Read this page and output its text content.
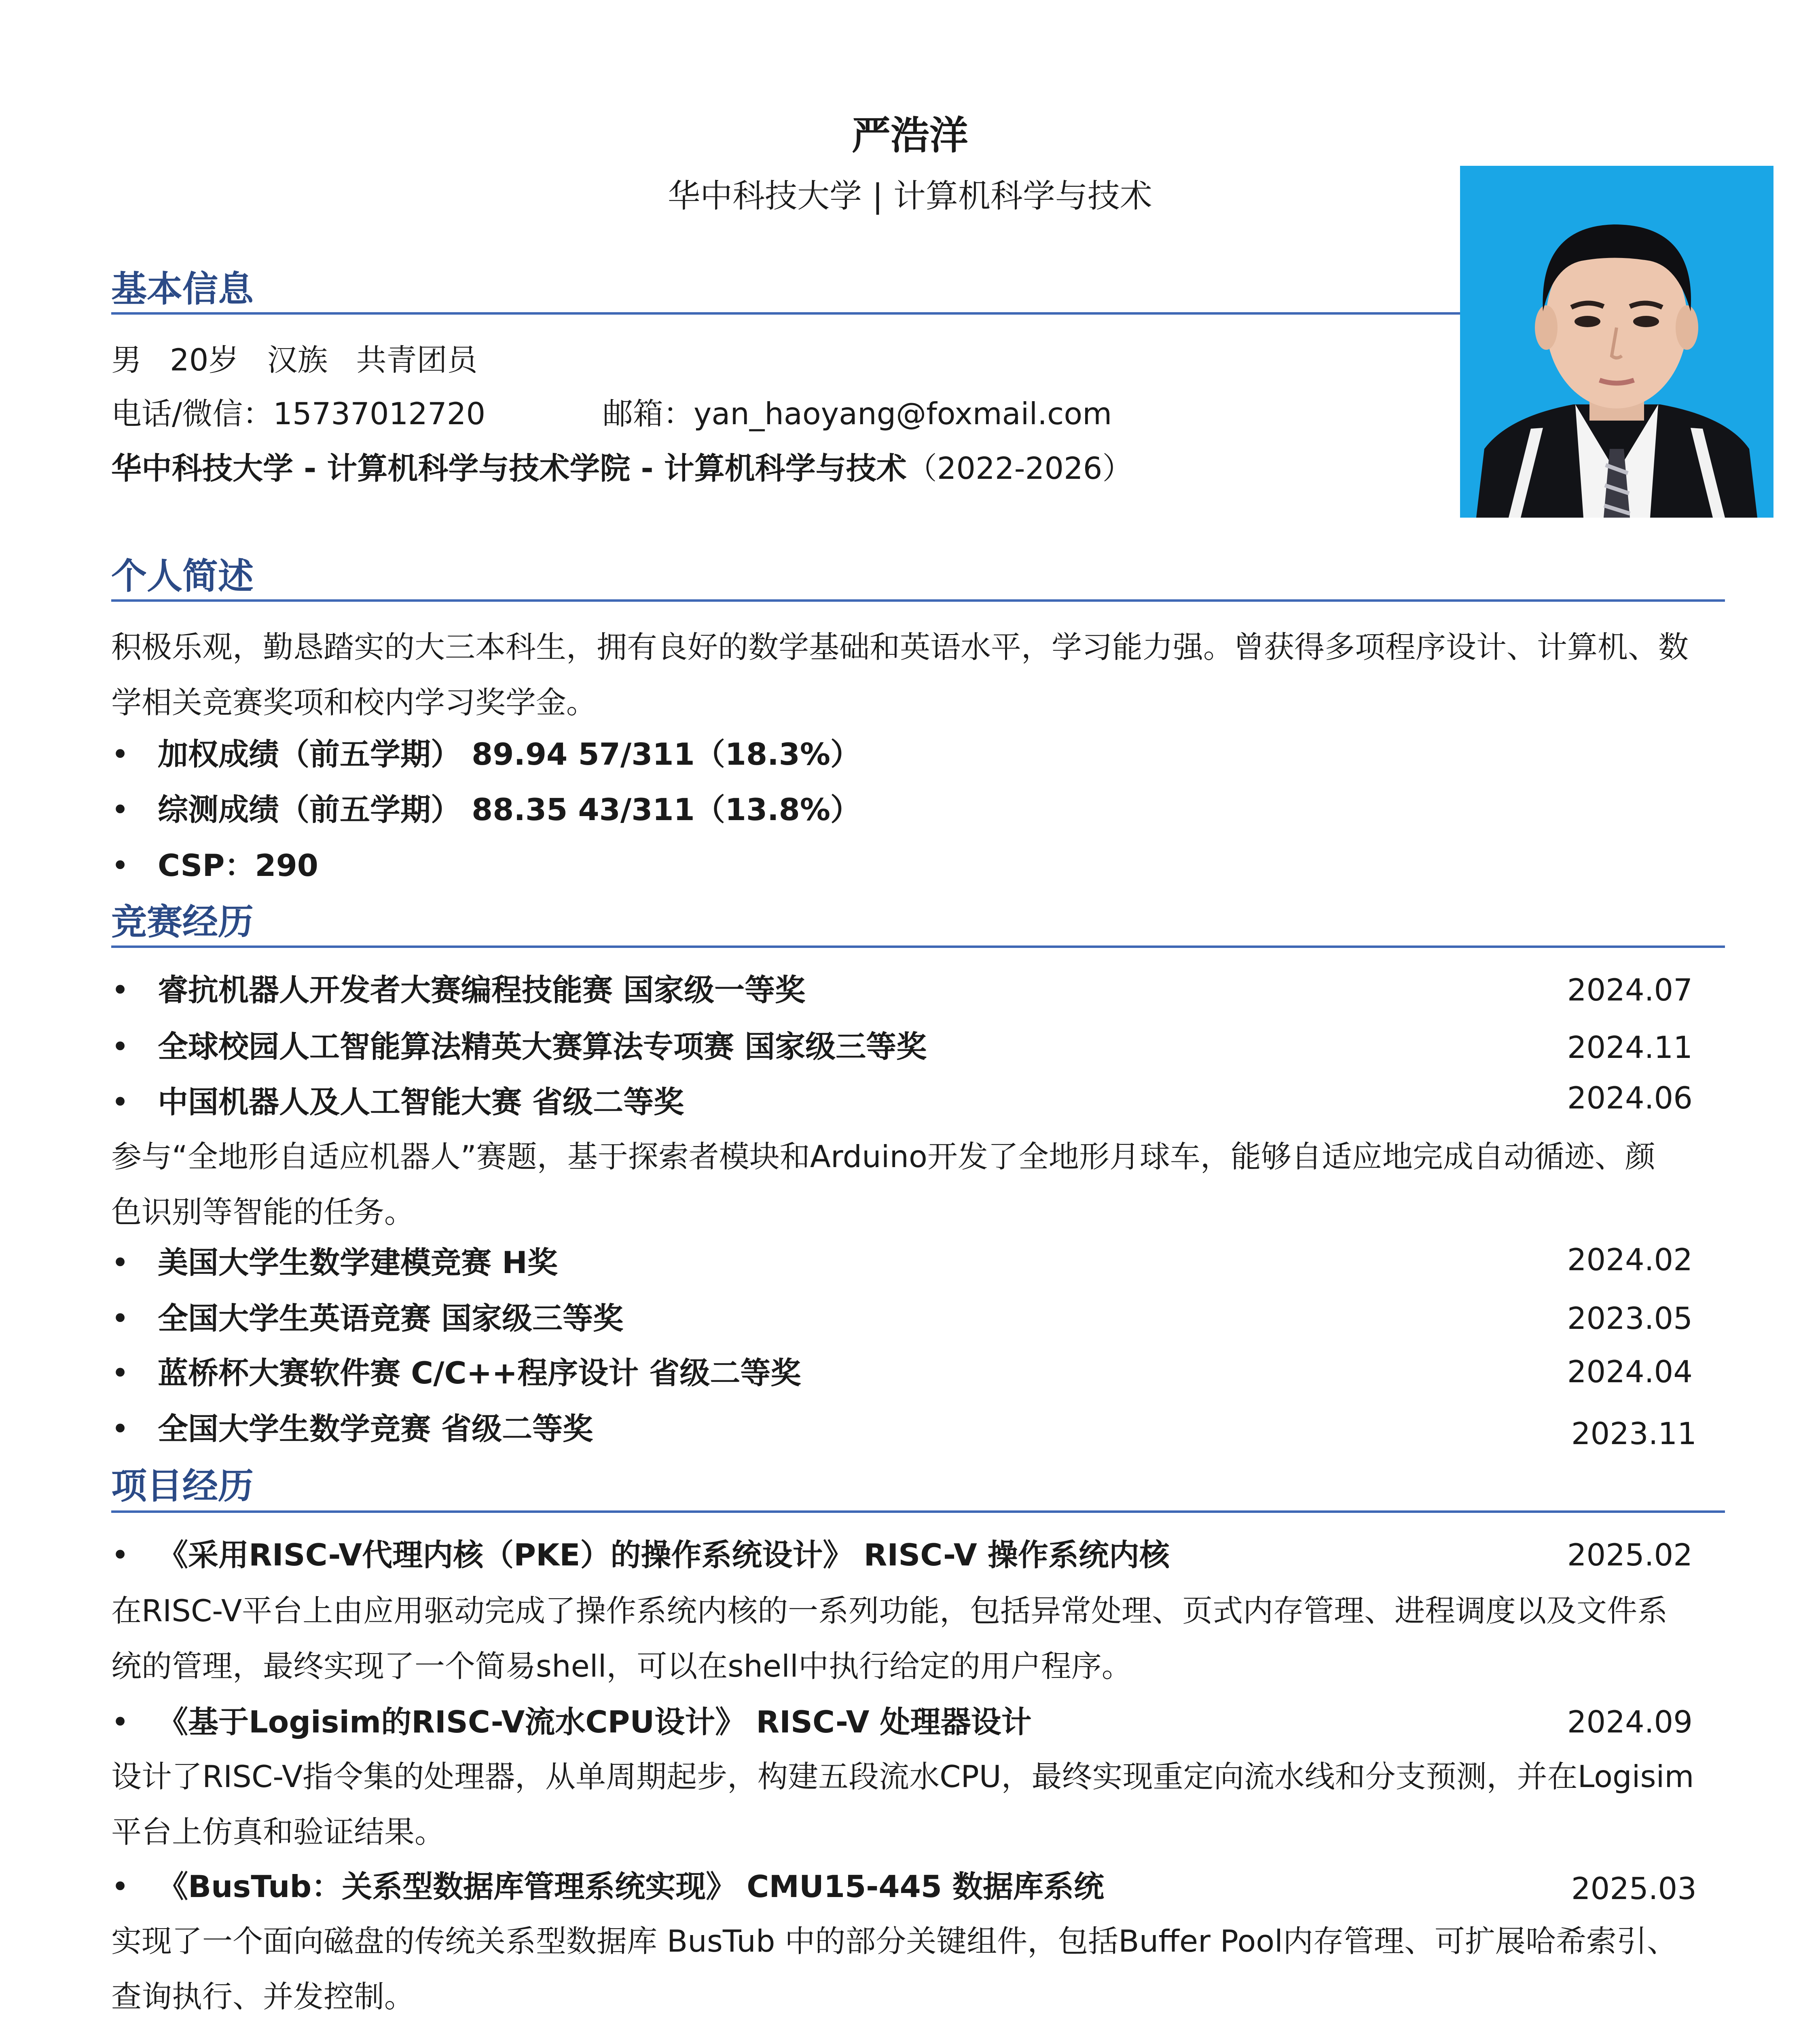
严浩洋
华中科技大学 | 计算机科学与技术
基本信息
男 20岁 汉族 共青团员
电话/微信：15737012720	邮箱：yan_haoyang@foxmail.com
华中科技大学 - 计算机科学与技术学院 - 计算机科学与技术（2022-2026）
个人简述
积极乐观，勤恳踏实的大三本科生，拥有良好的数学基础和英语水平，学习能力强。曾获得多项程序设计、计算机、数
学相关竞赛奖项和校内学习奖学金。
• 加权成绩（前五学期） 89.94 57/311（18.3%）
• 综测成绩（前五学期） 88.35 43/311（13.8%）
• CSP：290
竞赛经历
• 睿抗机器人开发者大赛编程技能赛 国家级一等奖	2024.07
• 全球校园人工智能算法精英大赛算法专项赛 国家级三等奖	2024.11
• 中国机器人及人工智能大赛 省级二等奖	2024.06
参与“全地形自适应机器人”赛题，基于探索者模块和Arduino开发了全地形月球车，能够自适应地完成自动循迹、颜
色识别等智能的任务。
• 美国大学生数学建模竞赛 H奖	2024.02
• 全国大学生英语竞赛 国家级三等奖	2023.05
• 蓝桥杯大赛软件赛 C/C++程序设计 省级二等奖	2024.04
• 全国大学生数学竞赛 省级二等奖	2023.11
项目经历
• 《采用RISC-V代理内核（PKE）的操作系统设计》 RISC-V 操作系统内核	2025.02
在RISC-V平台上由应用驱动完成了操作系统内核的一系列功能，包括异常处理、页式内存管理、进程调度以及文件系
统的管理，最终实现了一个简易shell，可以在shell中执行给定的用户程序。
• 《基于Logisim的RISC-V流水CPU设计》 RISC-V 处理器设计	2024.09
设计了RISC-V指令集的处理器，从单周期起步，构建五段流水CPU，最终实现重定向流水线和分支预测，并在Logisim
平台上仿真和验证结果。
• 《BusTub：关系型数据库管理系统实现》 CMU15-445 数据库系统	2025.03
实现了一个面向磁盘的传统关系型数据库 BusTub 中的部分关键组件，包括Buffer Pool内存管理、可扩展哈希索引、
查询执行、并发控制。
